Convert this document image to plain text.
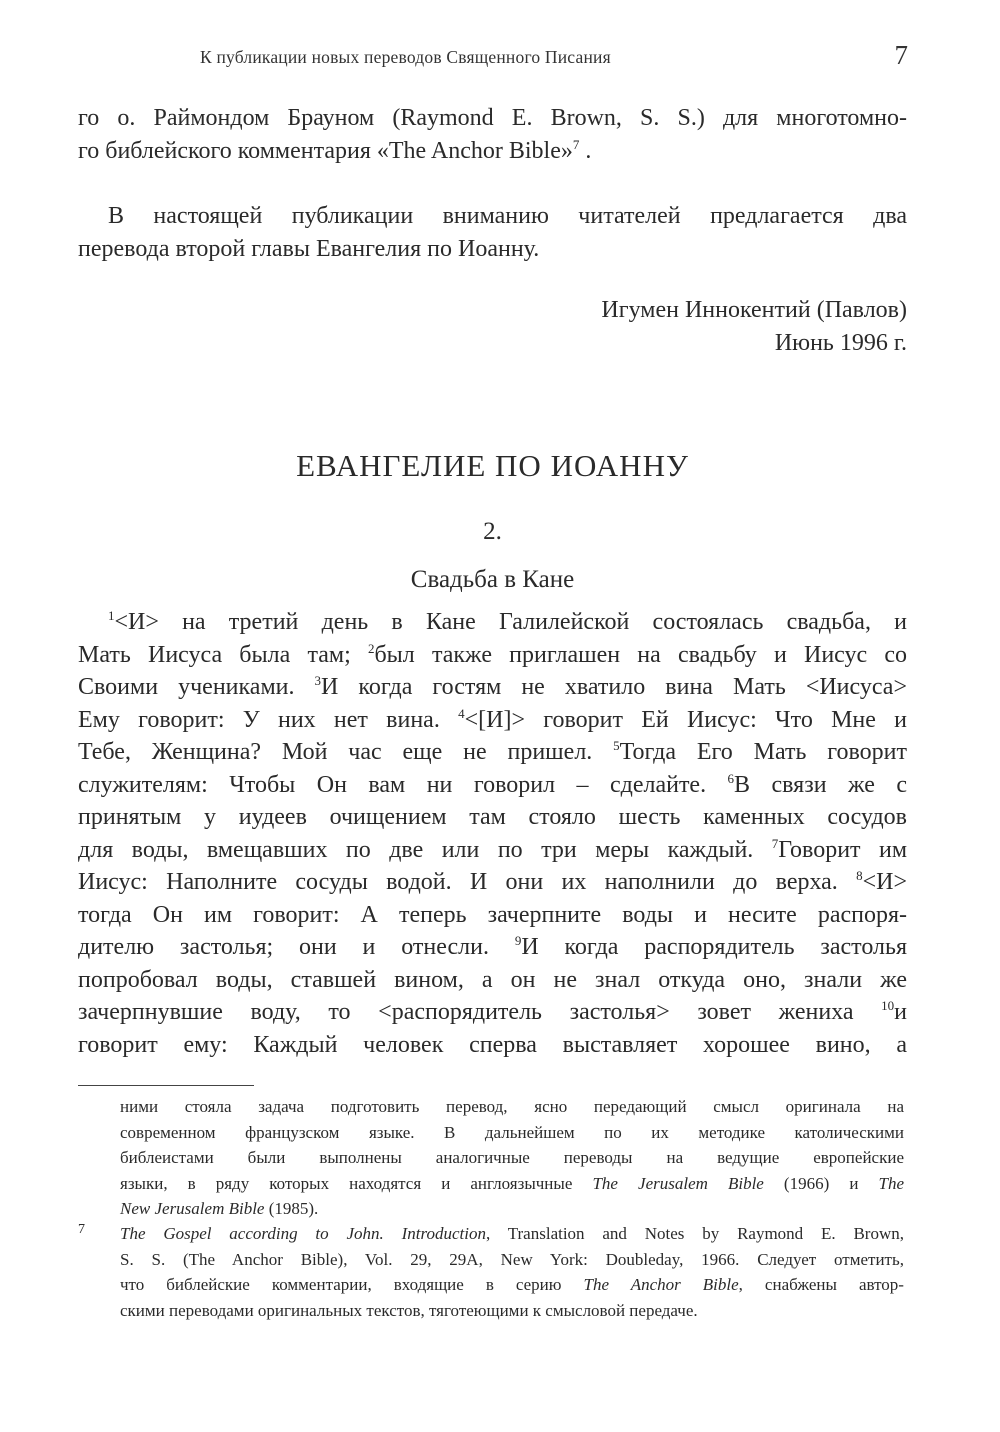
К публикации новых переводов Священного Писания	7
го о. Раймондом Брауном (Raymond E. Brown, S. S.) для многотомно-
го библейского комментария «The Anchor Bible»$^7$ .
В настоящей публикации вниманию читателей предлагается два
перевода второй главы Евангелия по Иоанну.
Игумен Иннокентий (Павлов)
Июнь 1996 г.
ЕВАНГЕЛИЕ ПО ИОАННУ
2.
Свадьба в Кане
$^1$<И> на третий день в Кане Галилейской состоялась свадьба, и
Мать Иисуса была там; $^2$был также приглашен на свадьбу и Иисус со
Своими учениками. $^3$И когда гостям не хватило вина Мать <Иисуса>
Ему говорит: У них нет вина. $^4$<[И]> говорит Ей Иисус: Что Мне и
Тебе, Женщина? Мой час еще не пришел. $^5$Тогда Его Мать говорит
служителям: Чтобы Он вам ни говорил – сделайте. $^6$В связи же с
принятым у иудеев очищением там стояло шесть каменных сосудов
для воды, вмещавших по две или по три меры каждый. $^7$Говорит им
Иисус: Наполните сосуды водой. И они их наполнили до верха. $^8$<И>
тогда Он им говорит: А теперь зачерпните воды и несите распоря-
дителю застолья; они и отнесли. $^9$И когда распорядитель застолья
попробовал воды, ставшей вином, а он не знал откуда оно, знали же
зачерпнувшие воду, то <распорядитель застолья> зовет жениха $^{10}$и
говорит ему: Каждый человек сперва выставляет хорошее вино, а
ними стояла задача подготовить перевод, ясно передающий смысл оригинала на
современном французском языке. В дальнейшем по их методике католическими
библеистами были выполнены аналогичные переводы на ведущие европейские
языки, в ряду которых находятся и англоязычные The Jerusalem Bible (1966) и The
New Jerusalem Bible (1985).
7 The Gospel according to John. Introduction, Translation and Notes by Raymond E. Brown,
S. S. (The Anchor Bible), Vol. 29, 29A, New York: Doubleday, 1966. Следует отметить,
что библейские комментарии, входящие в серию The Anchor Bible, снабжены автор-
скими переводами оригинальных текстов, тяготеющими к смысловой передаче.
